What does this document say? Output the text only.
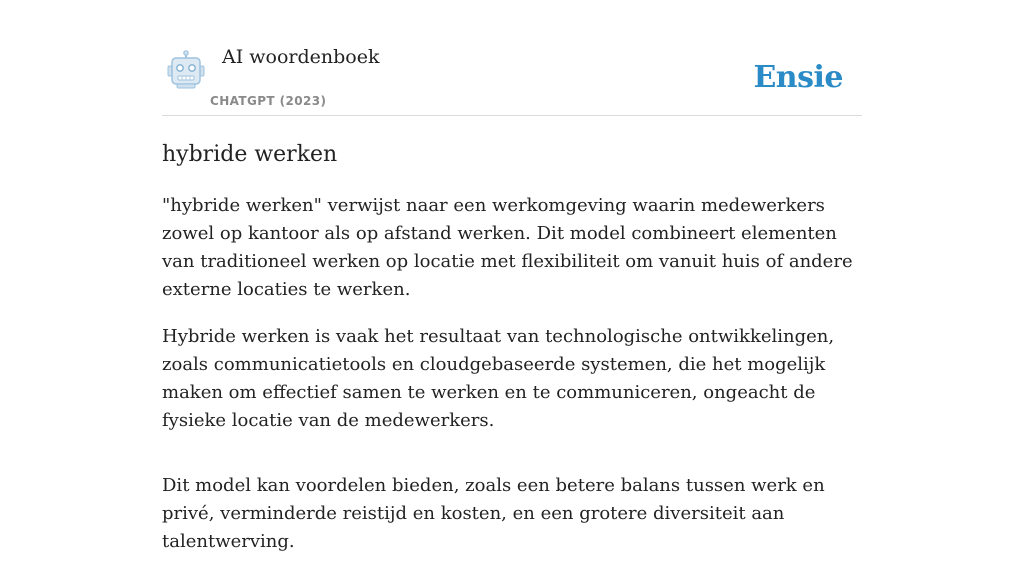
AI woordenboek
CHATGPT (2023)
Ensie
hybride werken

"hybride werken" verwijst naar een werkomgeving waarin medewerkers zowel op kantoor als op afstand werken. Dit model combineert elementen van traditioneel werken op locatie met flexibiliteit om vanuit huis of andere externe locaties te werken.

Hybride werken is vaak het resultaat van technologische ontwikkelingen, zoals communicatietools en cloudgebaseerde systemen, die het mogelijk maken om effectief samen te werken en te communiceren, ongeacht de fysieke locatie van de medewerkers.

Dit model kan voordelen bieden, zoals een betere balans tussen werk en privé, verminderde reistijd en kosten, en een grotere diversiteit aan talentwerving.
